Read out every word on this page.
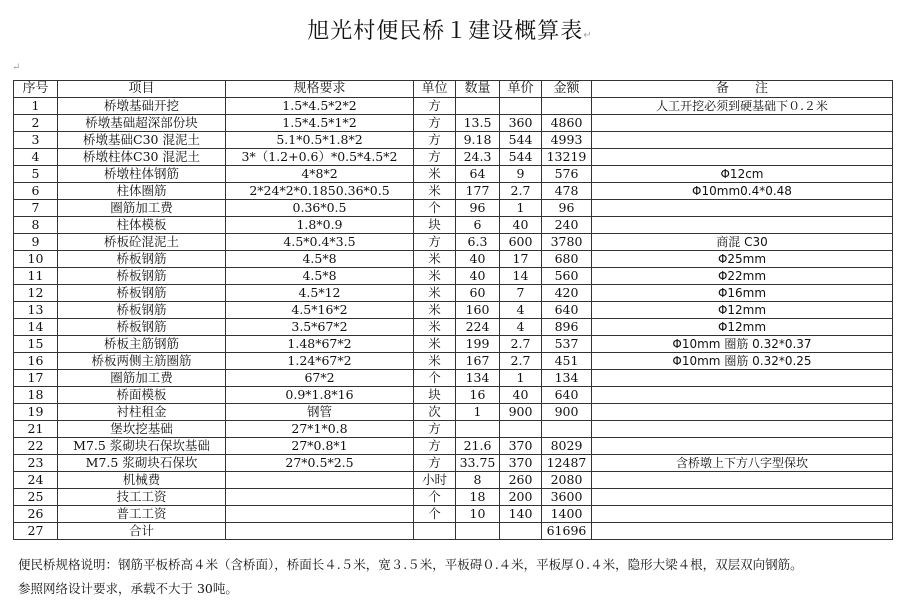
旭光村便民桥１建设概算表↵
↵
序号	项目	规格要求	单位	数量	单价	金额	备　　注
1	桥墩基础开挖	1.5*4.5*2*2	方				人工开挖必须到硬基础下０.２米
2	桥墩基础超深部份块	1.5*4.5*1*2	方	13.5	360	4860	
3	桥墩基础C30 混泥土	5.1*0.5*1.8*2	方	9.18	544	4993	
4	桥墩柱体C30 混泥土	3*（1.2+0.6）*0.5*4.5*2	方	24.3	544	13219	
5	桥墩柱体钢筋	4*8*2	米	64	9	576	Φ12cm
6	柱体圈筋	2*24*2*0.1850.36*0.5	米	177	2.7	478	Φ10mm0.4*0.48
7	圈筋加工费	0.36*0.5	个	96	1	96	
8	柱体模板	1.8*0.9	块	6	40	240	
9	桥板砼混泥土	4.5*0.4*3.5	方	6.3	600	3780	商混 C30
10	桥板钢筋	4.5*8	米	40	17	680	Φ25mm
11	桥板钢筋	4.5*8	米	40	14	560	Φ22mm
12	桥板钢筋	4.5*12	米	60	7	420	Φ16mm
13	桥板钢筋	4.5*16*2	米	160	4	640	Φ12mm
14	桥板钢筋	3.5*67*2	米	224	4	896	Φ12mm
15	桥板主筋钢筋	1.48*67*2	米	199	2.7	537	Φ10mm 圈筋 0.32*0.37
16	桥板两侧主筋圈筋	1.24*67*2	米	167	2.7	451	Φ10mm 圈筋 0.32*0.25
17	圈筋加工费	67*2	个	134	1	134	
18	桥面模板	0.9*1.8*16	块	16	40	640	
19	衬柱租金	钢管	次	1	900	900	
21	堡坎挖基础	27*1*0.8	方				
22	M7.5 浆砌块石保坎基础	27*0.8*1	方	21.6	370	8029	
23	M7.5 浆砌块石保坎	27*0.5*2.5	方	33.75	370	12487	含桥墩上下方八字型保坎
24	机械费		小时	8	260	2080	
25	技工工资		个	18	200	3600	
26	普工工资		个	10	140	1400	
27	合计					61696	
便民桥规格说明：钢筋平板桥高４米（含桥面），桥面长４.５米，宽３.５米，平板碍０.４米，平板厚０.４米，隐形大梁４根，双层双向钢筋。
参照网络设计要求，承载不大于 30吨。
